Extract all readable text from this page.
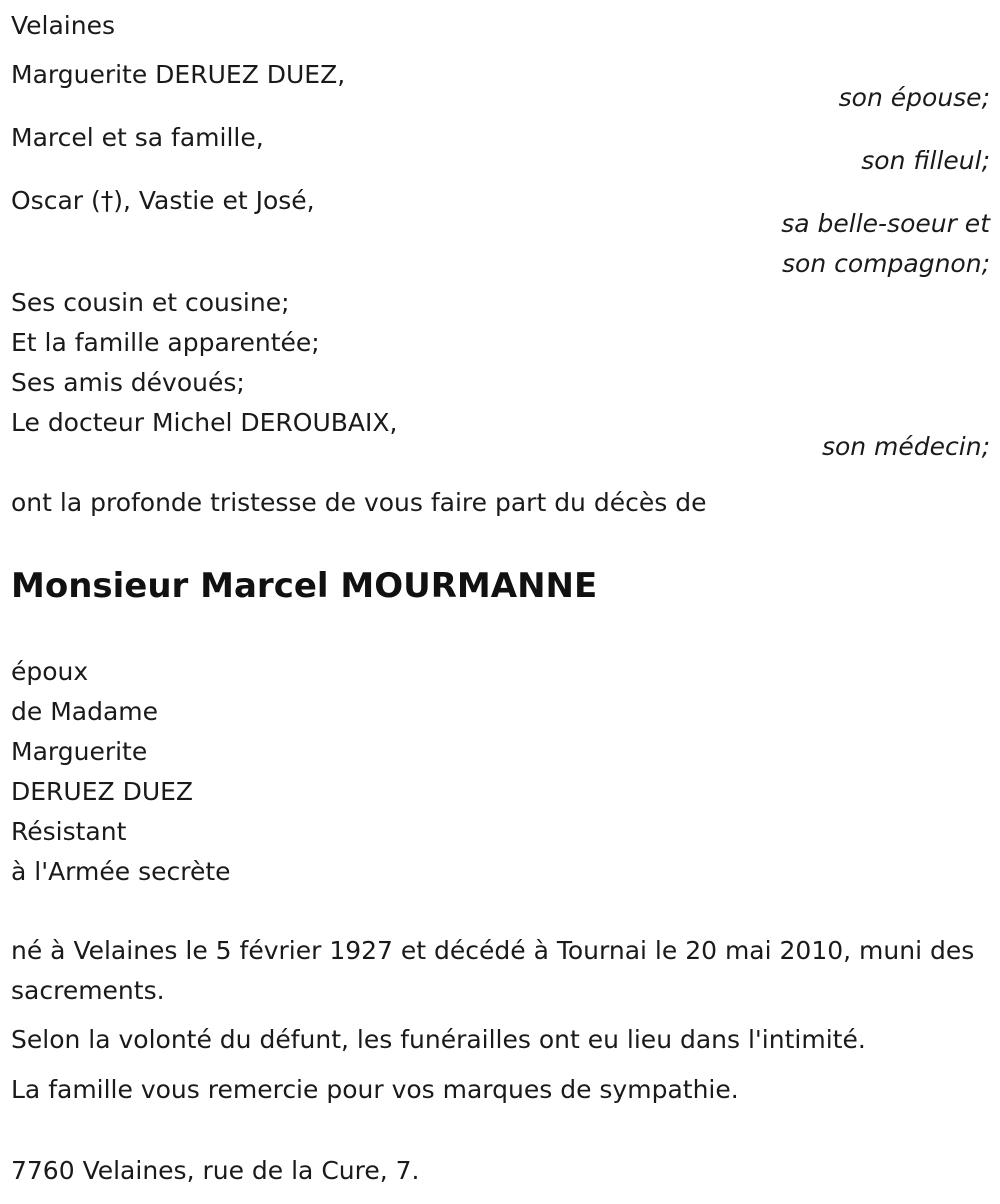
Velaines
Marguerite DERUEZ DUEZ,
son épouse;
Marcel et sa famille,
son filleul;
Oscar (†), Vastie et José,
sa belle-soeur et
son compagnon;
Ses cousin et cousine;
Et la famille apparentée;
Ses amis dévoués;
Le docteur Michel DEROUBAIX,
son médecin;
ont la profonde tristesse de vous faire part du décès de
Monsieur Marcel MOURMANNE
époux
de Madame
Marguerite
DERUEZ DUEZ
Résistant
à l'Armée secrète
né à Velaines le 5 février 1927 et décédé à Tournai le 20 mai 2010, muni des sacrements.
Selon la volonté du défunt, les funérailles ont eu lieu dans l'intimité.
La famille vous remercie pour vos marques de sympathie.
7760 Velaines, rue de la Cure, 7.
